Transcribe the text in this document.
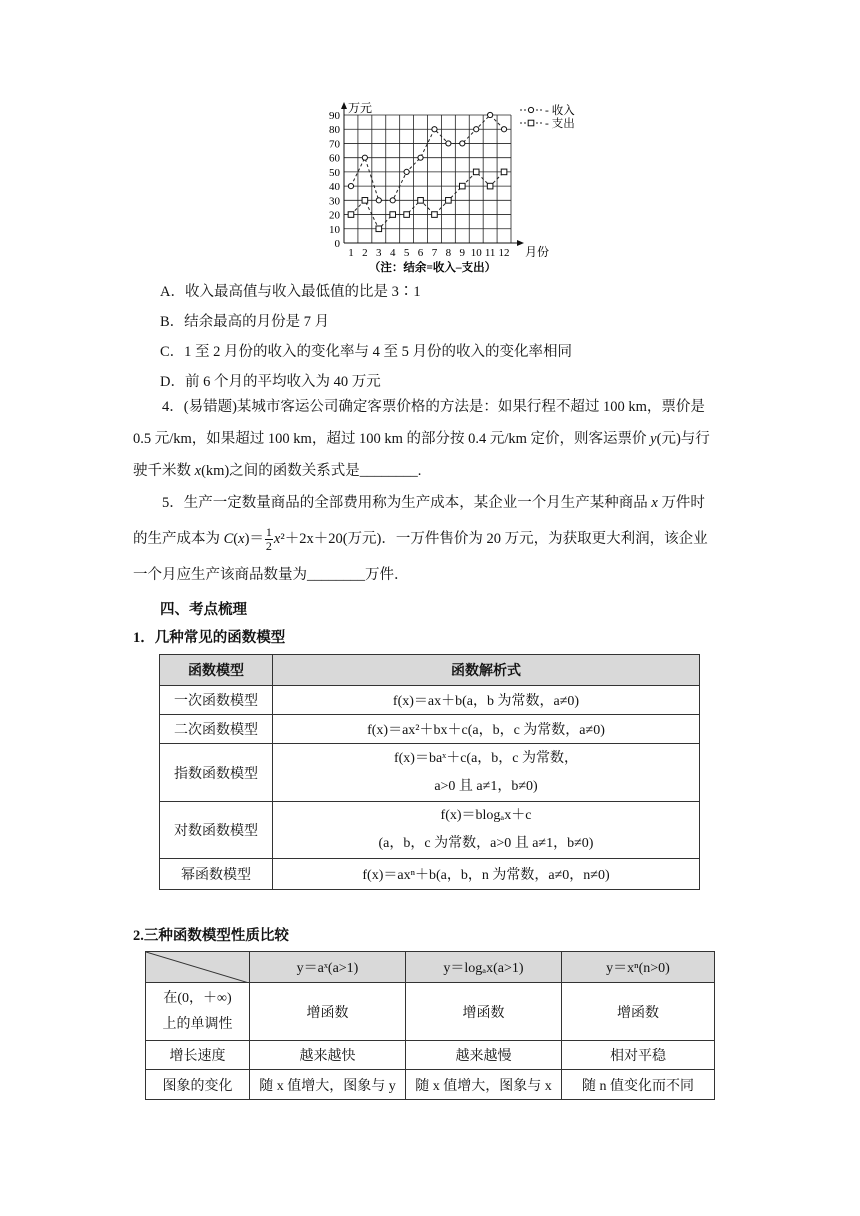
0
10
20
30
40
50
60
70
80
90
万元
1 2 3 4 5 6 7 8 9 10 11 12 月份
（注：结余=收入–支出）
- 收入
- 支出
A．收入最高值与收入最低值的比是 3∶1
B．结余最高的月份是 7 月
C．1 至 2 月份的收入的变化率与 4 至 5 月份的收入的变化率相同
D．前 6 个月的平均收入为 40 万元

4．(易错题)某城市客运公司确定客票价格的方法是：如果行程不超过 100 km，票价是

0.5 元/km，如果超过 100 km，超过 100 km 的部分按 0.4 元/km 定价，则客运票价 y(元)与行
驶千米数 x(km)之间的函数关系式是________.

5．生产一定数量商品的全部费用称为生产成本，某企业一个月生产某种商品 x 万件时

的生产成本为 $C(x)= \frac{1}{2} x^2+2x+20$(万元)．一万件售价为 20 万元，为获取更大利润，该企业
一个月应生产该商品数量为________万件．
四、考点梳理
1．几种常见的函数模型
函数模型	函数解析式
一次函数模型	f(x)＝ax＋b(a，b 为常数，a≠0)
二次函数模型	f(x)＝ax²＋bx＋c(a，b，c 为常数，a≠0)
指数函数模型	f(x)＝baˣ＋c(a，b，c 为常数，
a>0 且 a≠1，b≠0)

对数函数模型	f(x)＝blogₐx＋c
(a，b，c 为常数，a>0 且 a≠1，b≠0)

幂函数模型	f(x)＝axⁿ＋b(a，b，n 为常数，a≠0，n≠0)
2.三种函数模型性质比较
	y＝aˣ(a>1)	y＝logₐx(a>1)	y＝xⁿ(n>0)

在(0，＋∞)
上的单调性	增函数	增函数	增函数
增长速度	越来越快	越来越慢	相对平稳
图象的变化	随 x 值增大，图象与 y	随 x 值增大，图象与 x	随 n 值变化而不同
